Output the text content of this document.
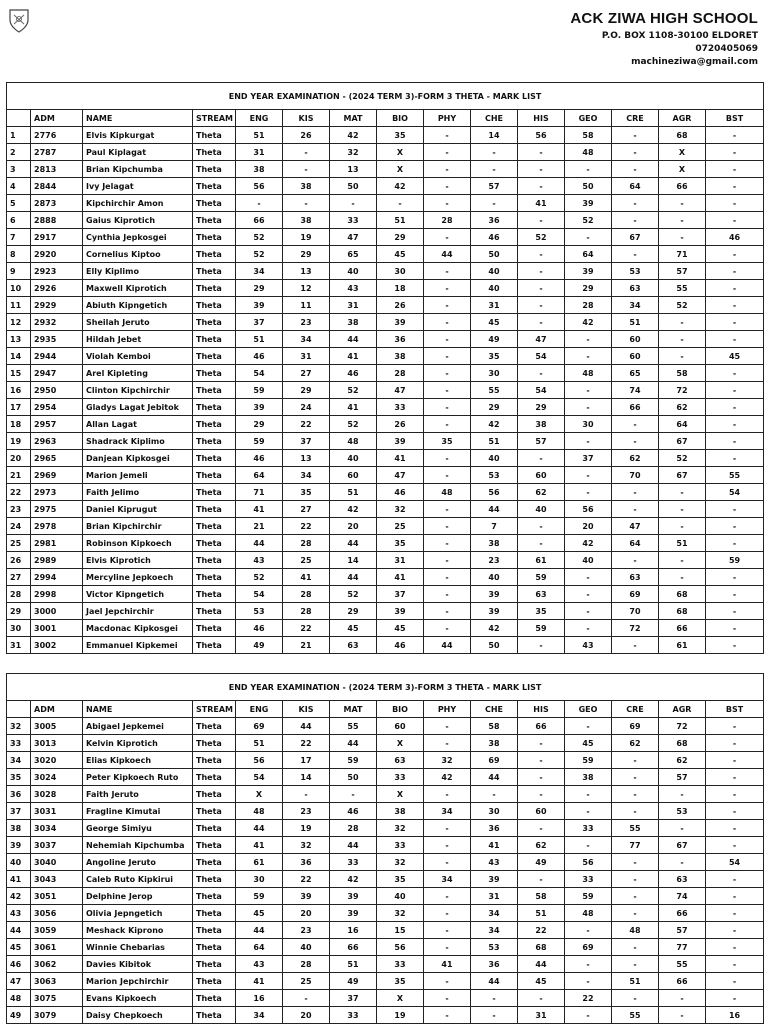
ACK ZIWA HIGH SCHOOL
P.O. BOX 1108-30100 ELDORET
0720405069
machineziwa@gmail.com
END YEAR EXAMINATION - (2024 TERM 3)-FORM 3 THETA - MARK LIST														
	ADM	NAME	STREAM	ENG	KIS	MAT	BIO	PHY	CHE	HIS	GEO	CRE	AGR	BST
1	2776	Elvis Kipkurgat	Theta	51	26	42	35	-	14	56	58	-	68	-
2	2787	Paul Kiplagat	Theta	31	-	32	X	-	-	-	48	-	X	-
3	2813	Brian Kipchumba	Theta	38	-	13	X	-	-	-	-	-	X	-
4	2844	Ivy Jelagat	Theta	56	38	50	42	-	57	-	50	64	66	-
5	2873	Kipchirchir Amon	Theta	-	-	-	-	-	-	41	39	-	-	-
6	2888	Gaius Kiprotich	Theta	66	38	33	51	28	36	-	52	-	-	-
7	2917	Cynthia Jepkosgei	Theta	52	19	47	29	-	46	52	-	67	-	46
8	2920	Cornelius Kiptoo	Theta	52	29	65	45	44	50	-	64	-	71	-
9	2923	Elly Kiplimo	Theta	34	13	40	30	-	40	-	39	53	57	-
10	2926	Maxwell Kiprotich	Theta	29	12	43	18	-	40	-	29	63	55	-
11	2929	Abiuth Kipngetich	Theta	39	11	31	26	-	31	-	28	34	52	-
12	2932	Sheilah Jeruto	Theta	37	23	38	39	-	45	-	42	51	-	-
13	2935	Hildah Jebet	Theta	51	34	44	36	-	49	47	-	60	-	-
14	2944	Violah Kemboi	Theta	46	31	41	38	-	35	54	-	60	-	45
15	2947	Arel Kipleting	Theta	54	27	46	28	-	30	-	48	65	58	-
16	2950	Clinton Kipchirchir	Theta	59	29	52	47	-	55	54	-	74	72	-
17	2954	Gladys Lagat Jebitok	Theta	39	24	41	33	-	29	29	-	66	62	-
18	2957	Allan Lagat	Theta	29	22	52	26	-	42	38	30	-	64	-
19	2963	Shadrack Kiplimo	Theta	59	37	48	39	35	51	57	-	-	67	-
20	2965	Danjean Kipkosgei	Theta	46	13	40	41	-	40	-	37	62	52	-
21	2969	Marion Jemeli	Theta	64	34	60	47	-	53	60	-	70	67	55
22	2973	Faith Jelimo	Theta	71	35	51	46	48	56	62	-	-	-	54
23	2975	Daniel Kiprugut	Theta	41	27	42	32	-	44	40	56	-	-	-
24	2978	Brian Kipchirchir	Theta	21	22	20	25	-	7	-	20	47	-	-
25	2981	Robinson Kipkoech	Theta	44	28	44	35	-	38	-	42	64	51	-
26	2989	Elvis Kiprotich	Theta	43	25	14	31	-	23	61	40	-	-	59
27	2994	Mercyline Jepkoech	Theta	52	41	44	41	-	40	59	-	63	-	-
28	2998	Victor Kipngetich	Theta	54	28	52	37	-	39	63	-	69	68	-
29	3000	Jael Jepchirchir	Theta	53	28	29	39	-	39	35	-	70	68	-
30	3001	Macdonac Kipkosgei	Theta	46	22	45	45	-	42	59	-	72	66	-
31	3002	Emmanuel Kipkemei	Theta	49	21	63	46	44	50	-	43	-	61	-
END YEAR EXAMINATION - (2024 TERM 3)-FORM 3 THETA - MARK LIST														
	ADM	NAME	STREAM	ENG	KIS	MAT	BIO	PHY	CHE	HIS	GEO	CRE	AGR	BST
32	3005	Abigael Jepkemei	Theta	69	44	55	60	-	58	66	-	69	72	-
33	3013	Kelvin Kiprotich	Theta	51	22	44	X	-	38	-	45	62	68	-
34	3020	Elias Kipkoech	Theta	56	17	59	63	32	69	-	59	-	62	-
35	3024	Peter Kipkoech Ruto	Theta	54	14	50	33	42	44	-	38	-	57	-
36	3028	Faith Jeruto	Theta	X	-	-	X	-	-	-	-	-	-	-
37	3031	Fragline Kimutai	Theta	48	23	46	38	34	30	60	-	-	53	-
38	3034	George Simiyu	Theta	44	19	28	32	-	36	-	33	55	-	-
39	3037	Nehemiah Kipchumba	Theta	41	32	44	33	-	41	62	-	77	67	-
40	3040	Angoline Jeruto	Theta	61	36	33	32	-	43	49	56	-	-	54
41	3043	Caleb Ruto Kipkirui	Theta	30	22	42	35	34	39	-	33	-	63	-
42	3051	Delphine Jerop	Theta	59	39	39	40	-	31	58	59	-	74	-
43	3056	Olivia Jepngetich	Theta	45	20	39	32	-	34	51	48	-	66	-
44	3059	Meshack Kiprono	Theta	44	23	16	15	-	34	22	-	48	57	-
45	3061	Winnie Chebarias	Theta	64	40	66	56	-	53	68	69	-	77	-
46	3062	Davies Kibitok	Theta	43	28	51	33	41	36	44	-	-	55	-
47	3063	Marion Jepchirchir	Theta	41	25	49	35	-	44	45	-	51	66	-
48	3075	Evans Kipkoech	Theta	16	-	37	X	-	-	-	22	-	-	-
49	3079	Daisy Chepkoech	Theta	34	20	33	19	-	-	31	-	55	-	16
